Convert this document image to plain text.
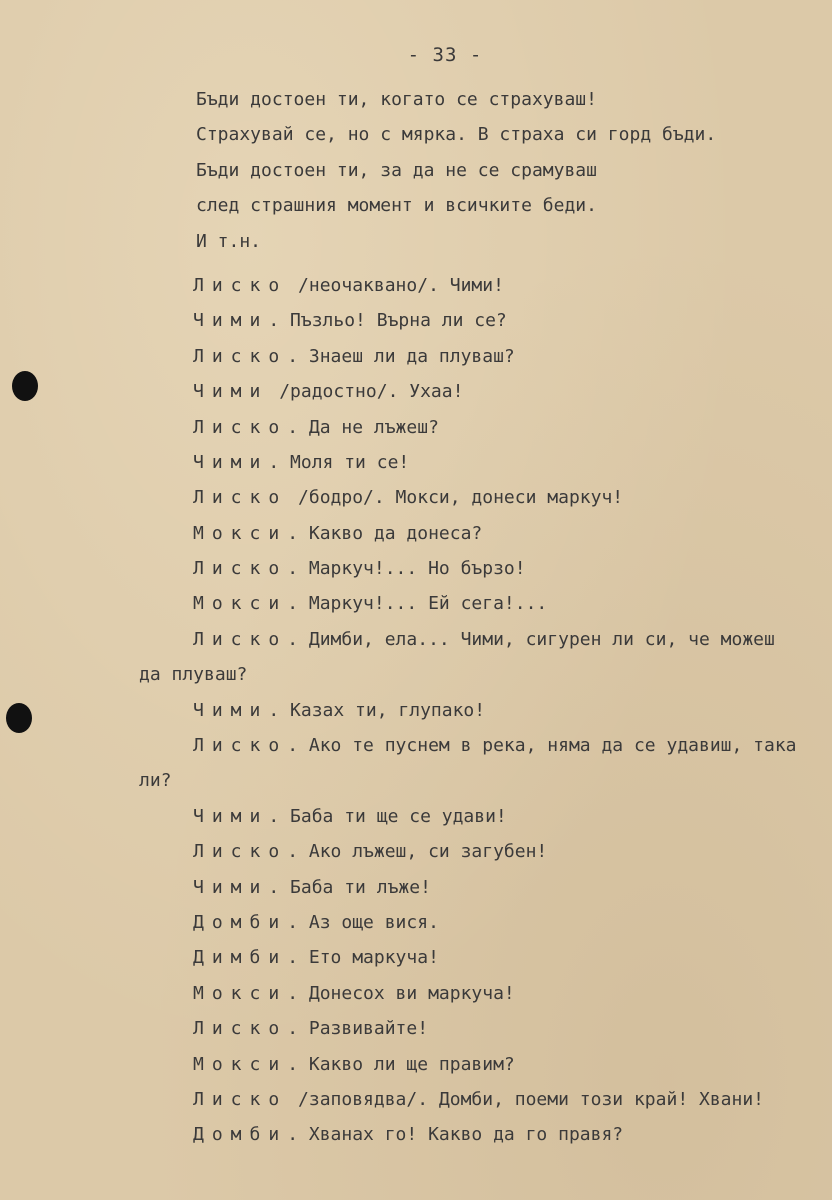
- 33 -
Бъди достоен ти, когато се страхуваш!
Страхувай се, но с мярка. В страха си горд бъди.
Бъди достоен ти, за да не се срамуваш
след страшния момент и всичките беди.
И т.н.
Лиско /неочаквано/. Чими!
Чими. Пъзльо! Върна ли се?
Лиско. Знаеш ли да плуваш?
Чими /радостно/. Ухаа!
Лиско. Да не лъжеш?
Чими. Моля ти се!
Лиско /бодро/. Мокси, донеси маркуч!
Мокси. Какво да донеса?
Лиско. Маркуч!... Но бързо!
Мокси. Маркуч!... Ей сега!...
Лиско. Димби, ела... Чими, сигурен ли си, че можеш
да плуваш?
Чими. Казах ти, глупако!
Лиско. Ако те пуснем в река, няма да се удавиш, така
ли?
Чими. Баба ти ще се удави!
Лиско. Ако лъжеш, си загубен!
Чими. Баба ти лъже!
Домби. Аз още вися.
Димби. Ето маркуча!
Мокси. Донесох ви маркуча!
Лиско. Развивайте!
Мокси. Какво ли ще правим?
Лиско /заповядва/. Домби, поеми този край! Хвани!
Домби. Хванах го! Какво да го правя?
